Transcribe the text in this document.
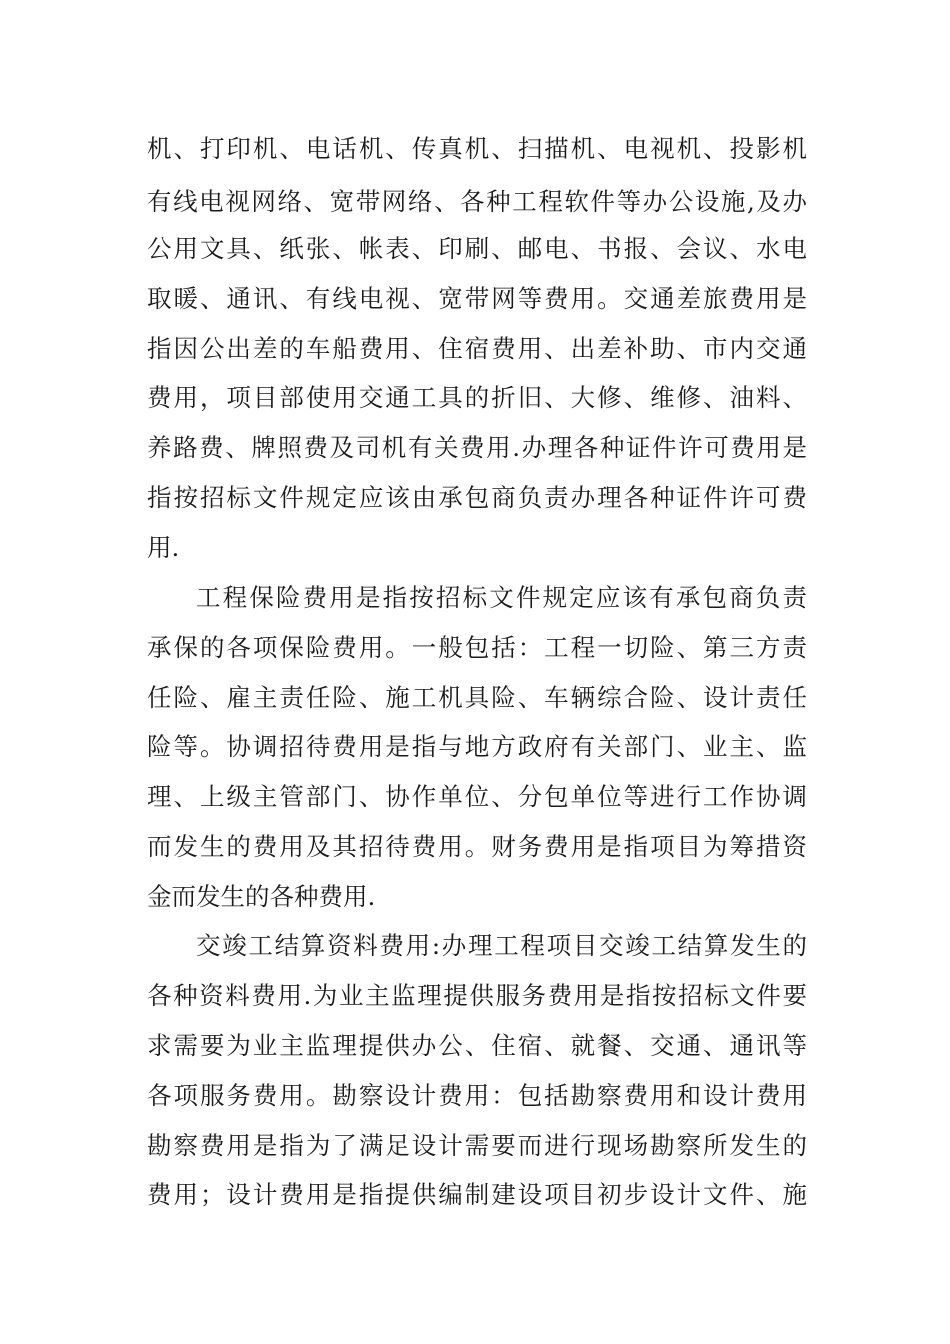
机、打印机、电话机、传真机、扫描机、电视机、投影机
有线电视网络、宽带网络、各种工程软件等办公设施,及办
公用文具、纸张、帐表、印刷、邮电、书报、会议、水电
取暖、通讯、有线电视、宽带网等费用。交通差旅费用是
指因公出差的车船费用、住宿费用、出差补助、市内交通
费用，项目部使用交通工具的折旧、大修、维修、油料、
养路费、牌照费及司机有关费用.办理各种证件许可费用是
指按招标文件规定应该由承包商负责办理各种证件许可费
用.
工程保险费用是指按招标文件规定应该有承包商负责
承保的各项保险费用。一般包括：工程一切险、第三方责
任险、雇主责任险、施工机具险、车辆综合险、设计责任
险等。协调招待费用是指与地方政府有关部门、业主、监
理、上级主管部门、协作单位、分包单位等进行工作协调
而发生的费用及其招待费用。财务费用是指项目为筹措资
金而发生的各种费用.
交竣工结算资料费用:办理工程项目交竣工结算发生的
各种资料费用.为业主监理提供服务费用是指按招标文件要
求需要为业主监理提供办公、住宿、就餐、交通、通讯等
各项服务费用。勘察设计费用：包括勘察费用和设计费用
勘察费用是指为了满足设计需要而进行现场勘察所发生的
费用；设计费用是指提供编制建设项目初步设计文件、施
